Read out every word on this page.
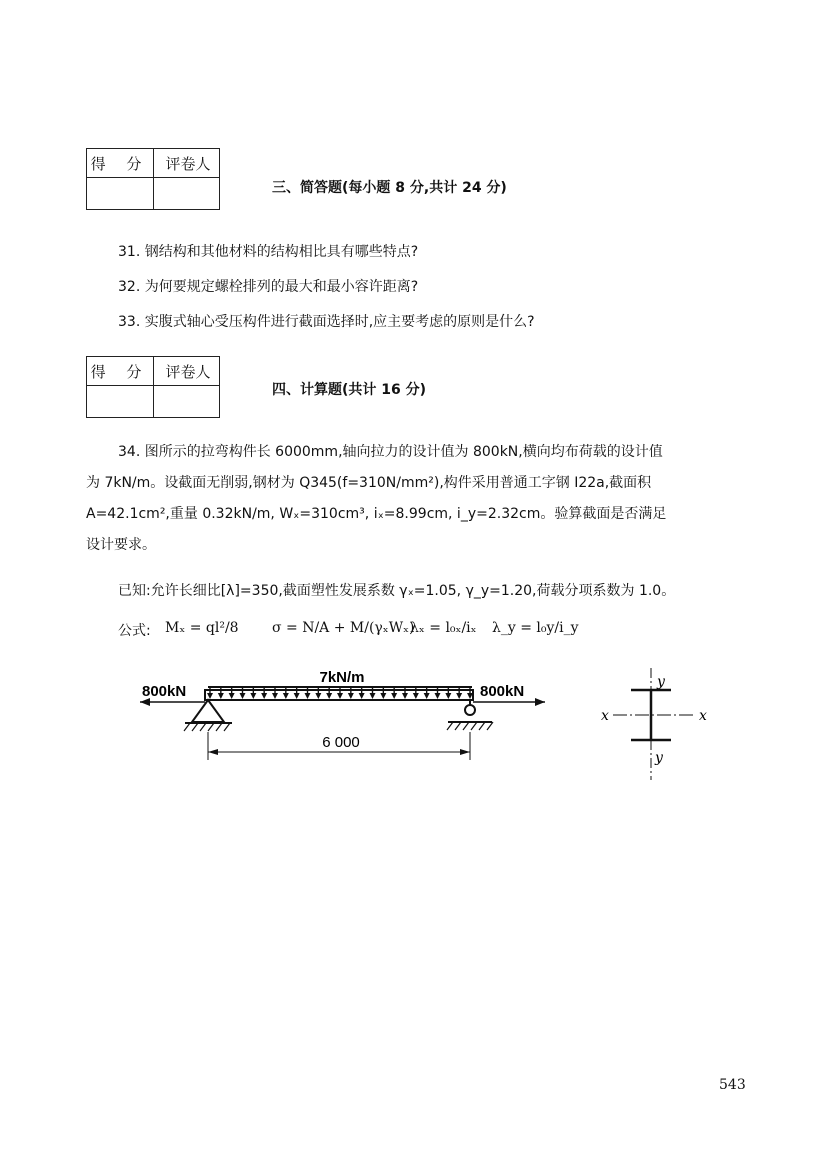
得 分	评卷人
三、简答题(每小题 8 分,共计 24 分)
31. 钢结构和其他材料的结构相比具有哪些特点?
32. 为何要规定螺栓排列的最大和最小容许距离?
33. 实腹式轴心受压构件进行截面选择时,应主要考虑的原则是什么?
得 分	评卷人
四、计算题(共计 16 分)
34. 图所示的拉弯构件长 6000mm,轴向拉力的设计值为 800kN,横向均布荷载的设计值
为 7kN/m。设截面无削弱,钢材为 Q345(f=310N/mm²),构件采用普通工字钢 I22a,截面积
A=42.1cm²,重量 0.32kN/m, Wₓ=310cm³, iₓ=8.99cm, i_y=2.32cm。验算截面是否满足
设计要求。
已知:允许长细比[λ]=350,截面塑性发展系数 γₓ=1.05, γ_y=1.20,荷载分项系数为 1.0。
公式: Mₓ = ql²/8 σ = N/A + M/(γₓWₓ)
λₓ = l₀ₓ/iₓ λ_y = l₀y/i_y
7kN/m
800kN	800kN
6 000
x	x
y
y
543
